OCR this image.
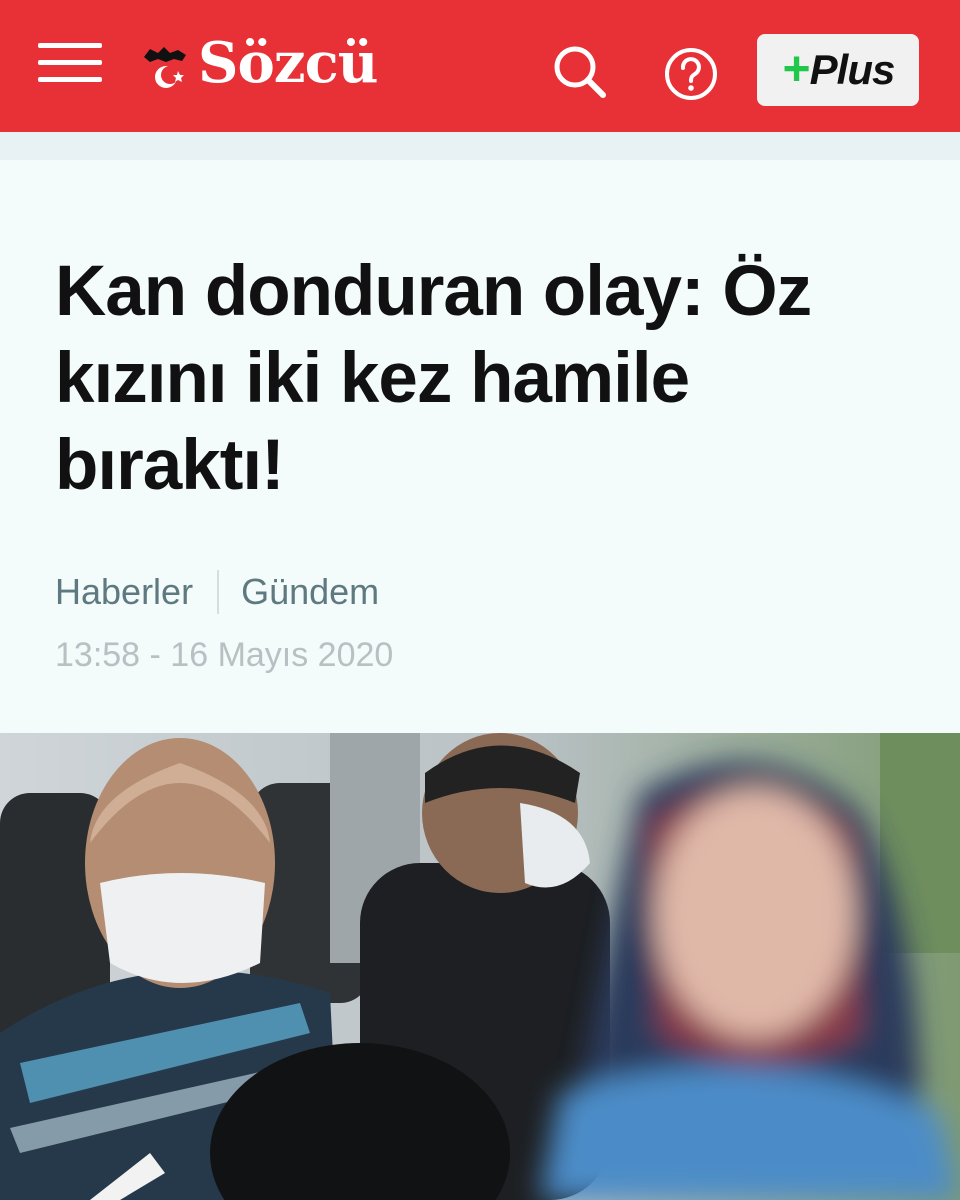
Sözcü	+ Plus
Kan donduran olay: Öz kızını iki kez hamile bıraktı!
Haberler Gündem
13:58 - 16 Mayıs 2020
